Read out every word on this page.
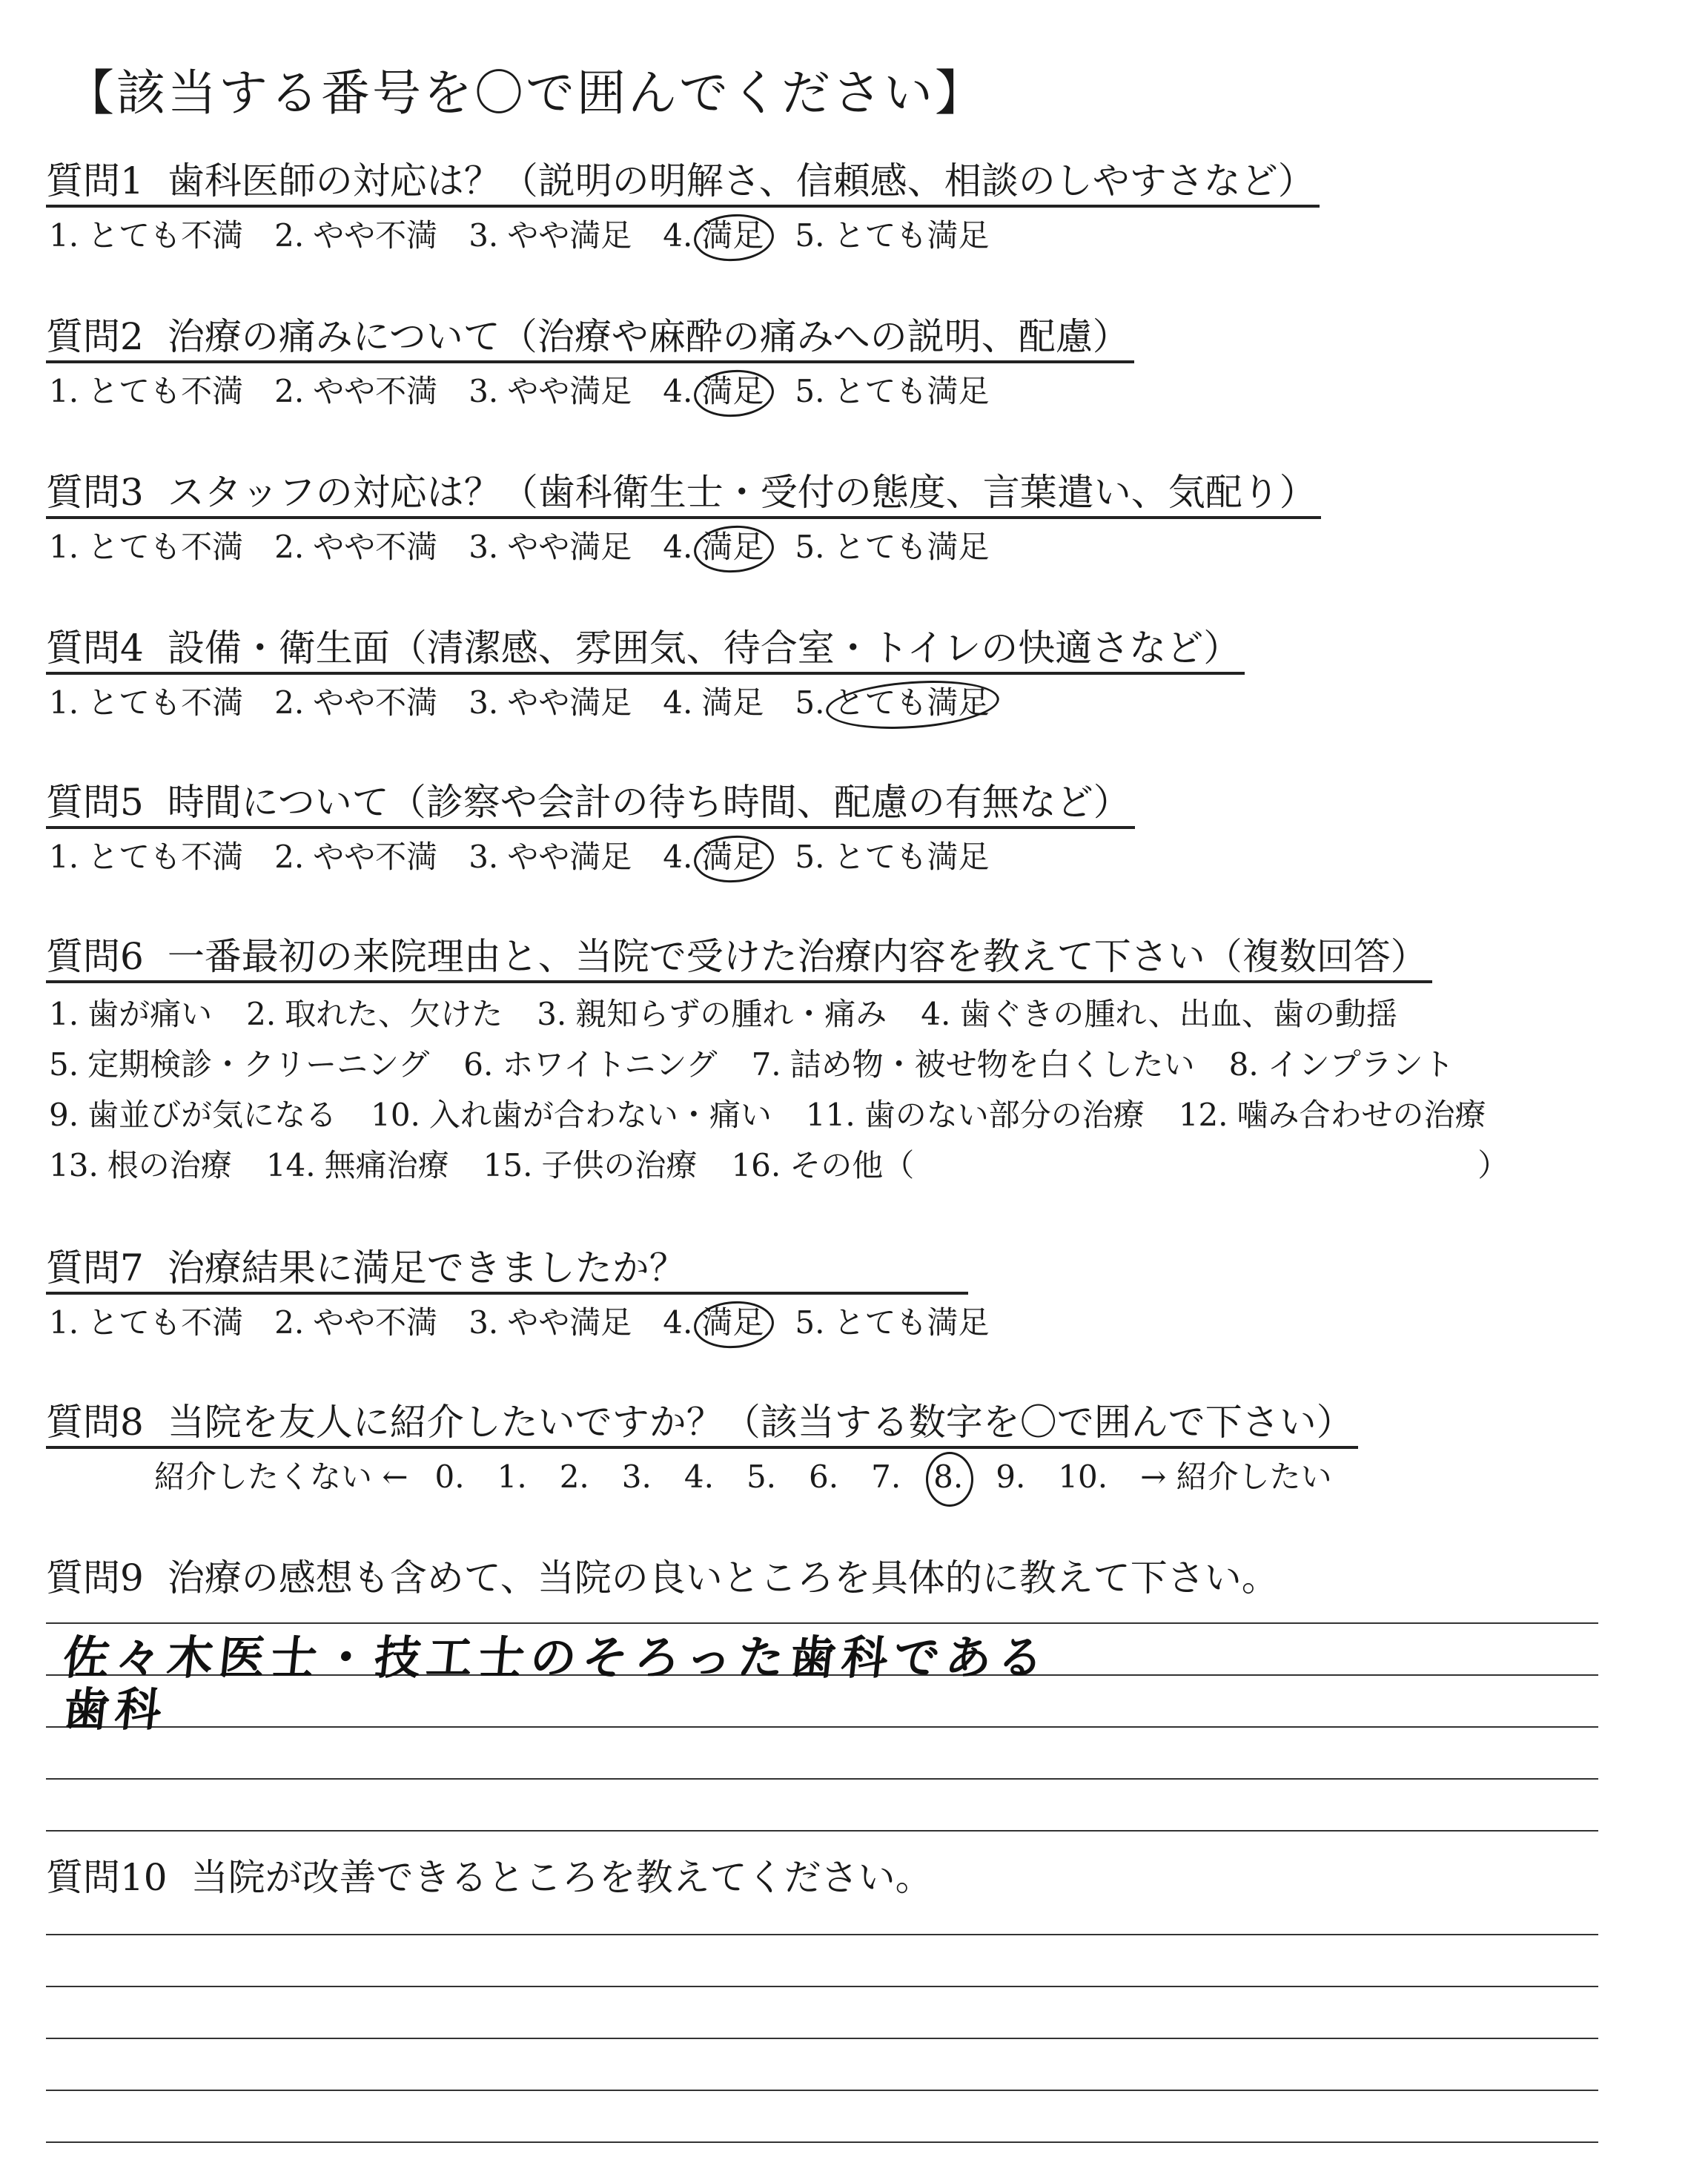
【該当する番号を〇で囲んでください】
質問1 歯科医師の対応は？（説明の明解さ、信頼感、相談のしやすさなど）
1. とても不満 2. やや不満 3. やや満足 4. 満足 5. とても満足
質問2 治療の痛みについて（治療や麻酔の痛みへの説明、配慮）
1. とても不満 2. やや不満 3. やや満足 4. 満足 5. とても満足
質問3 スタッフの対応は？（歯科衛生士・受付の態度、言葉遣い、気配り）
1. とても不満 2. やや不満 3. やや満足 4. 満足 5. とても満足
質問4 設備・衛生面（清潔感、雰囲気、待合室・トイレの快適さなど）
1. とても不満 2. やや不満 3. やや満足 4. 満足 5. とても満足
質問5 時間について（診察や会計の待ち時間、配慮の有無など）
1. とても不満 2. やや不満 3. やや満足 4. 満足 5. とても満足
質問6 一番最初の来院理由と、当院で受けた治療内容を教えて下さい（複数回答）
1. 歯が痛い 2. 取れた、欠けた 3. 親知らずの腫れ・痛み 4. 歯ぐきの腫れ、出血、歯の動揺
5. 定期検診・クリーニング 6. ホワイトニング 7. 詰め物・被せ物を白くしたい 8. インプラント
9. 歯並びが気になる 10. 入れ歯が合わない・痛い 11. 歯のない部分の治療 12. 噛み合わせの治療
13. 根の治療 14. 無痛治療 15. 子供の治療 16. その他（	）
質問7 治療結果に満足できましたか？
1. とても不満 2. やや不満 3. やや満足 4. 満足 5. とても満足
質問8 当院を友人に紹介したいですか？（該当する数字を〇で囲んで下さい）
紹介したくない ← 0. 1. 2. 3. 4. 5. 6. 7. 8. 9. 10. → 紹介したい
質問9 治療の感想も含めて、当院の良いところを具体的に教えて下さい。
佐々木医士・技工士のそろった歯科である
歯科
質問10 当院が改善できるところを教えてください。
